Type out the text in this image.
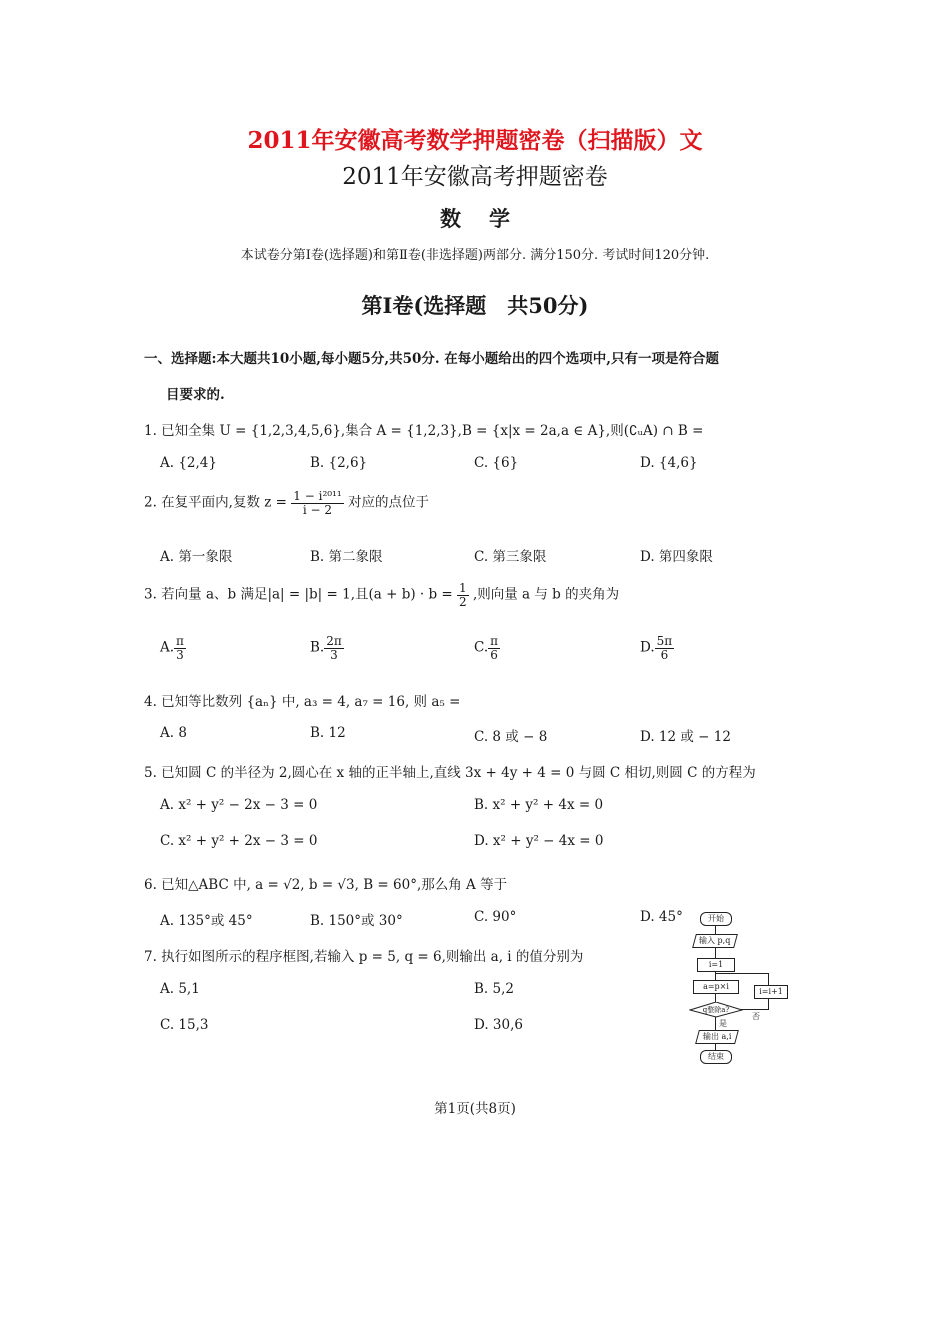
2011年安徽高考数学押题密卷（扫描版）文
2011年安徽高考押题密卷
数学
本试卷分第Ⅰ卷(选择题)和第Ⅱ卷(非选择题)两部分. 满分150分. 考试时间120分钟.
第Ⅰ卷(选择题　共50分)
一、选择题:本大题共10小题,每小题5分,共50分. 在每小题给出的四个选项中,只有一项是符合题
目要求的.
1. 已知全集 U = {1,2,3,4,5,6},集合 A = {1,2,3},B = {x|x = 2a,a ∈ A},则(∁ᵤA) ∩ B =
A. {2,4}	B. {2,6}	C. {6}	D. {4,6}
2. 在复平面内,复数 $z = \frac{\text{1 − i²⁰¹¹}}{i - 2}$ 对应的点位于
A. 第一象限	B. 第二象限	C. 第三象限	D. 第四象限
3. 若向量 a、b 满足|a| = |b| = 1,且$(a + b) \cdot b = \frac{1}{2}$ ,则向量 a 与 b 的夹角为
A. $\frac{\pi}{3}$	B. $\frac{2\pi}{3}$	C. $\frac{\pi}{6}$	D. $\frac{5\pi}{6}$
4. 已知等比数列 {aₙ} 中, a₃ = 4, a₇ = 16, 则 a₅ =
A. 8	B. 12	C. 8 或 − 8	D. 12 或 − 12
5. 已知圆 C 的半径为 2,圆心在 x 轴的正半轴上,直线 3x + 4y + 4 = 0 与圆 C 相切,则圆 C 的方程为
A. x² + y² − 2x − 3 = 0	B. x² + y² + 4x = 0
C. x² + y² + 2x − 3 = 0	D. x² + y² − 4x = 0
6. 已知△ABC 中, a = √2, b = √3, B = 60°,那么角 A 等于
A. 135°或 45°	B. 150°或 30°	C. 90°	D. 45°
7. 执行如图所示的程序框图,若输入 p = 5, q = 6,则输出 a, i 的值分别为
A. 5,1	B. 5,2
C. 15,3	D. 30,6
开始
输入 p,q
i=1
a=p×i
i=i+1
q整除a?
是
否
输出 a,i
结束
第1页(共8页)
